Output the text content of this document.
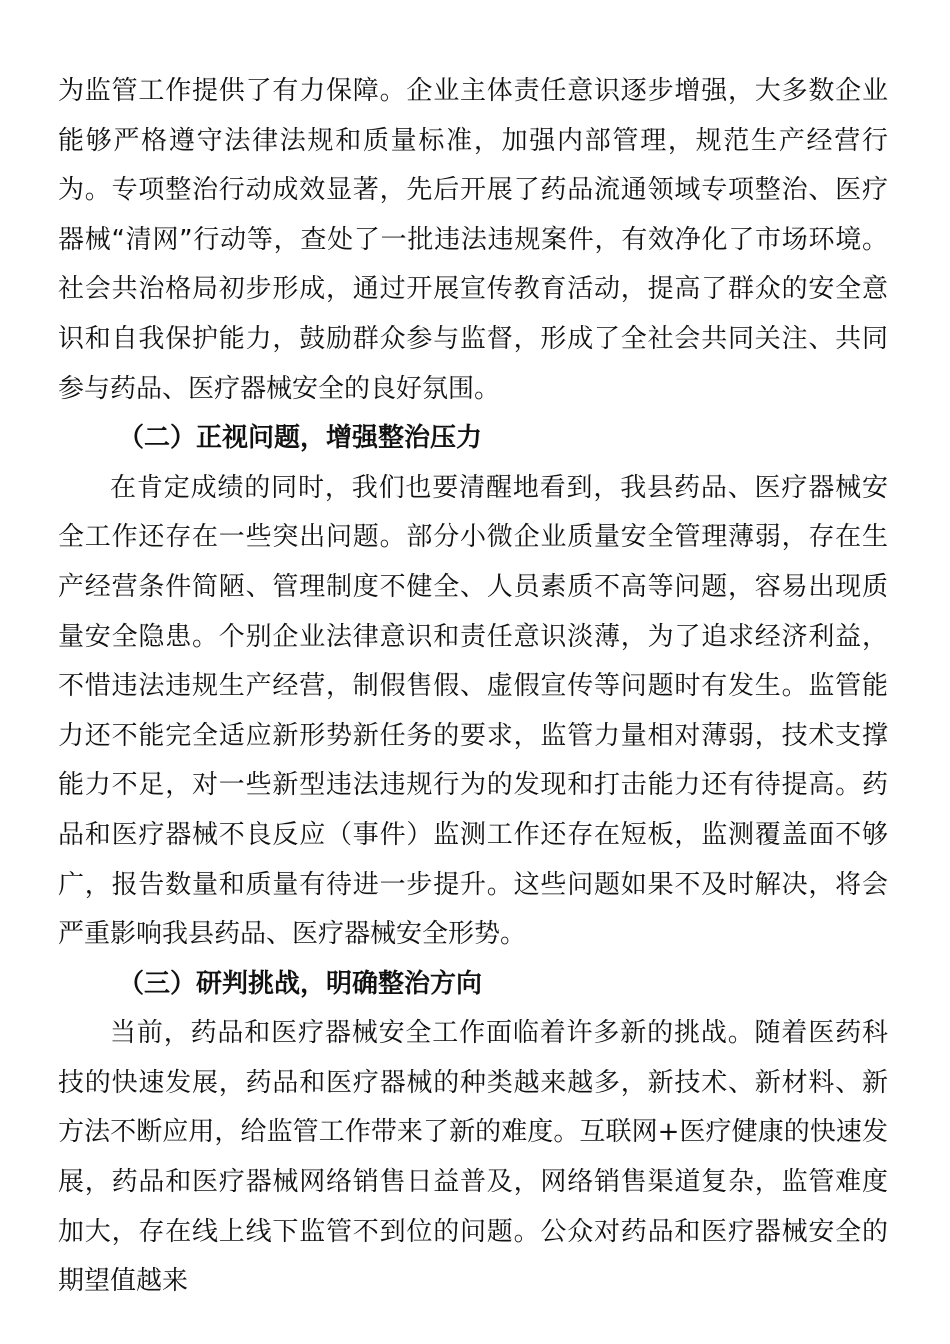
为监管工作提供了有力保障。企业主体责任意识逐步增强，大多数企业能够严格遵守法律法规和质量标准，加强内部管理，规范生产经营行为。专项整治行动成效显著，先后开展了药品流通领域专项整治、医疗器械“清网”行动等，查处了一批违法违规案件，有效净化了市场环境。社会共治格局初步形成，通过开展宣传教育活动，提高了群众的安全意识和自我保护能力，鼓励群众参与监督，形成了全社会共同关注、共同参与药品、医疗器械安全的良好氛围。

（二）正视问题，增强整治压力

在肯定成绩的同时，我们也要清醒地看到，我县药品、医疗器械安全工作还存在一些突出问题。部分小微企业质量安全管理薄弱，存在生产经营条件简陋、管理制度不健全、人员素质不高等问题，容易出现质量安全隐患。个别企业法律意识和责任意识淡薄，为了追求经济利益，不惜违法违规生产经营，制假售假、虚假宣传等问题时有发生。监管能力还不能完全适应新形势新任务的要求，监管力量相对薄弱，技术支撑能力不足，对一些新型违法违规行为的发现和打击能力还有待提高。药品和医疗器械不良反应（事件）监测工作还存在短板，监测覆盖面不够广，报告数量和质量有待进一步提升。这些问题如果不及时解决，将会严重影响我县药品、医疗器械安全形势。

（三）研判挑战，明确整治方向

当前，药品和医疗器械安全工作面临着许多新的挑战。随着医药科技的快速发展，药品和医疗器械的种类越来越多，新技术、新材料、新方法不断应用，给监管工作带来了新的难度。互联网+医疗健康的快速发展，药品和医疗器械网络销售日益普及，网络销售渠道复杂，监管难度加大，存在线上线下监管不到位的问题。公众对药品和医疗器械安全的期望值越来
